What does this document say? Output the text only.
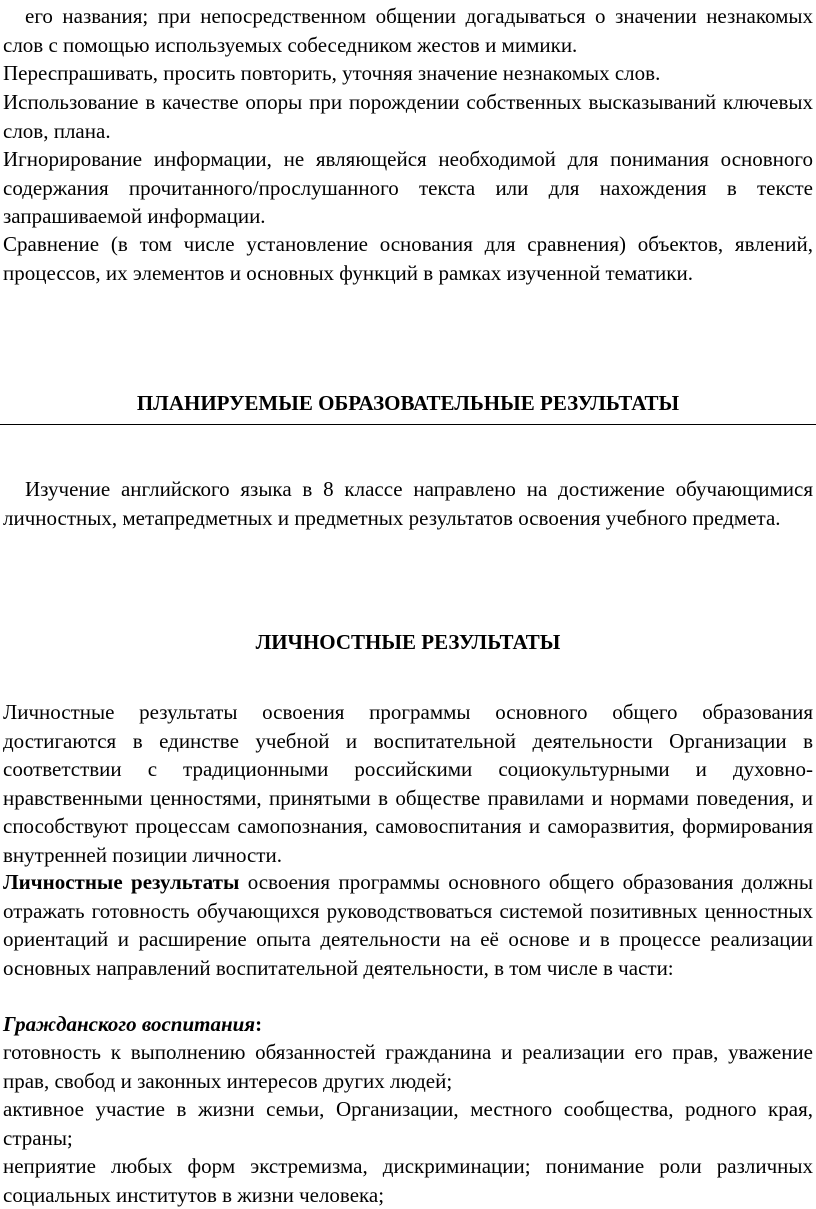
его названия; при непосредственном общении догадываться о значении незнакомых слов с помощью используемых собеседником жестов и мимики.

Переспрашивать, просить повторить, уточняя значение незнакомых слов.

Использование в качестве опоры при порождении собственных высказываний ключевых слов, плана.

Игнорирование информации, не являющейся необходимой для понимания основного содержания прочитанного/прослушанного текста или для нахождения в тексте запрашиваемой информации.

Сравнение (в том числе установление основания для сравнения) объектов, явлений, процессов, их элементов и основных функций в рамках изученной тематики.

ПЛАНИРУЕМЫЕ ОБРАЗОВАТЕЛЬНЫЕ РЕЗУЛЬТАТЫ

Изучение английского языка в 8 классе направлено на достижение обучающимися личностных, метапредметных и предметных результатов освоения учебного предмета.

ЛИЧНОСТНЫЕ РЕЗУЛЬТАТЫ

Личностные результаты освоения программы основного общего образования достигаются в единстве учебной и воспитательной деятельности Организации в соответствии с традиционными российскими социокультурными и духовно-нравственными ценностями, принятыми в обществе правилами и нормами поведения, и способствуют процессам самопознания, самовоспитания и саморазвития, формирования внутренней позиции личности.

Личностные результаты освоения программы основного общего образования должны отражать готовность обучающихся руководствоваться системой позитивных ценностных ориентаций и расширение опыта деятельности на её основе и в процессе реализации основных направлений воспитательной деятельности, в том числе в части:

Гражданского воспитания:

готовность к выполнению обязанностей гражданина и реализации его прав, уважение прав, свобод и законных интересов других людей;

активное участие в жизни семьи, Организации, местного сообщества, родного края, страны;

неприятие любых форм экстремизма, дискриминации; понимание роли различных социальных институтов в жизни человека;
